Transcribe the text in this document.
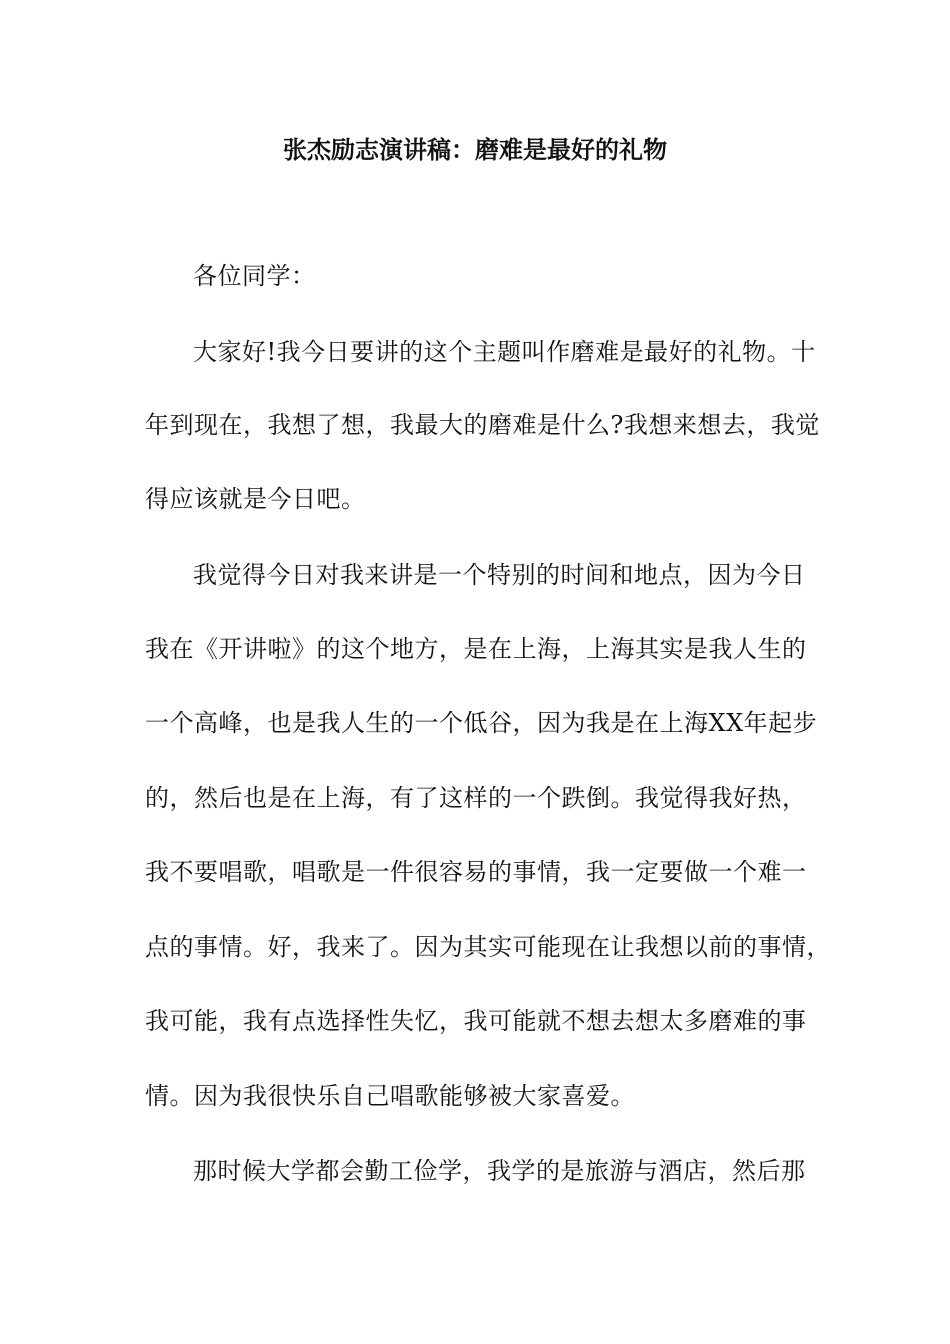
张杰励志演讲稿：磨难是最好的礼物

各位同学：

大家好!我今日要讲的这个主题叫作磨难是最好的礼物。十

年到现在，我想了想，我最大的磨难是什么?我想来想去，我觉

得应该就是今日吧。

我觉得今日对我来讲是一个特别的时间和地点，因为今日

我在《开讲啦》的这个地方，是在上海，上海其实是我人生的

一个高峰，也是我人生的一个低谷，因为我是在上海XX年起步

的，然后也是在上海，有了这样的一个跌倒。我觉得我好热，

我不要唱歌，唱歌是一件很容易的事情，我一定要做一个难一

点的事情。好，我来了。因为其实可能现在让我想以前的事情，

我可能，我有点选择性失忆，我可能就不想去想太多磨难的事

情。因为我很快乐自己唱歌能够被大家喜爱。

那时候大学都会勤工俭学，我学的是旅游与酒店，然后那
